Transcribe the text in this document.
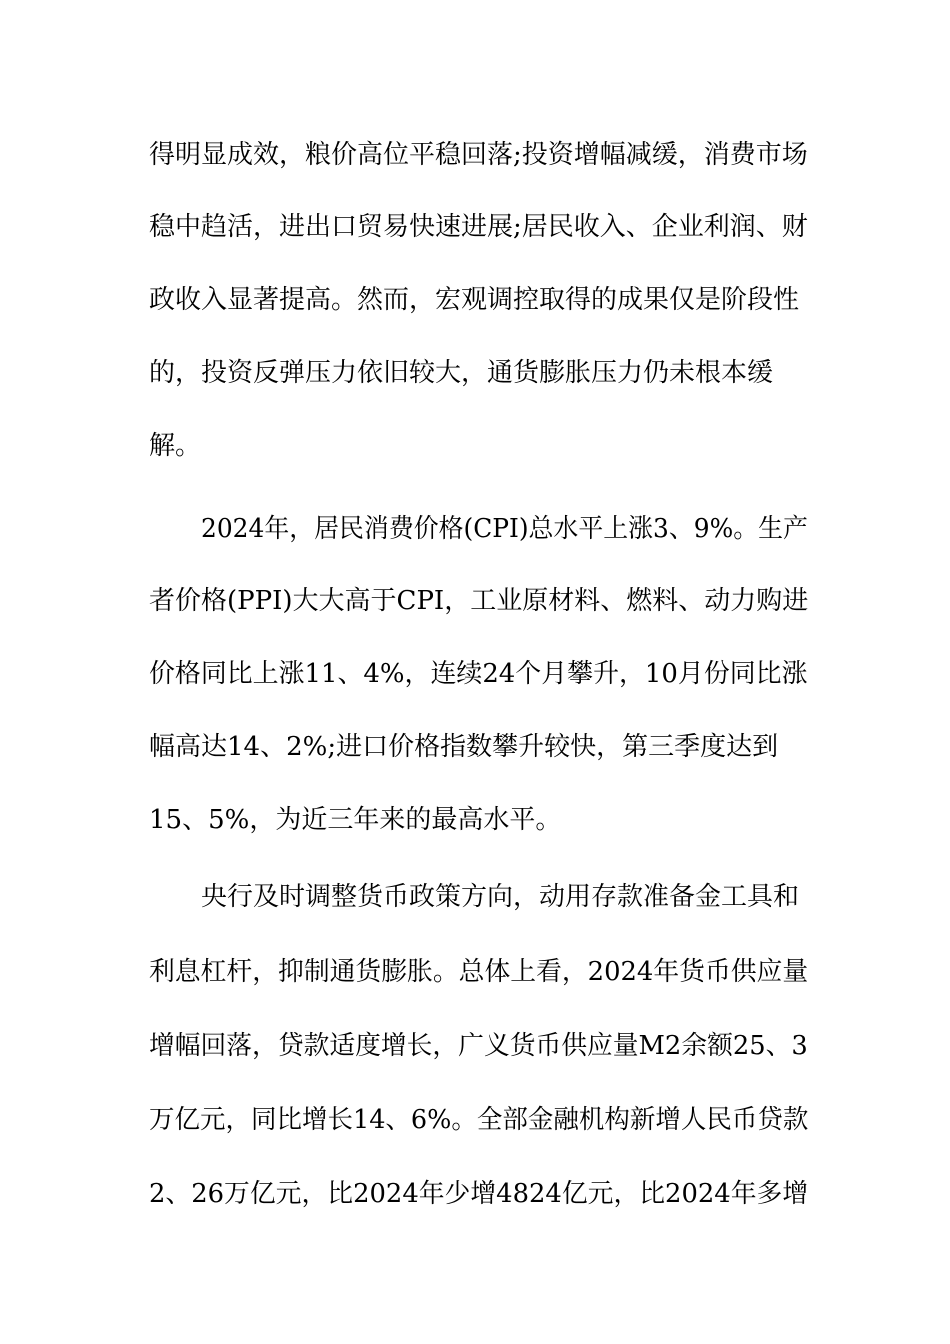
得明显成效，粮价高位平稳回落;投资增幅减缓，消费市场
稳中趋活，进出口贸易快速进展;居民收入、企业利润、财
政收入显著提高。然而，宏观调控取得的成果仅是阶段性
的，投资反弹压力依旧较大，通货膨胀压力仍未根本缓
解。
2024年，居民消费价格(CPI)总水平上涨3、9%。生产
者价格(PPI)大大高于CPI，工业原材料、燃料、动力购进
价格同比上涨11、4%，连续24个月攀升，10月份同比涨
幅高达14、2%;进口价格指数攀升较快，第三季度达到
15、5%，为近三年来的最高水平。
央行及时调整货币政策方向，动用存款准备金工具和
利息杠杆，抑制通货膨胀。总体上看，2024年货币供应量
增幅回落，贷款适度增长，广义货币供应量M2余额25、3
万亿元，同比增长14、6%。全部金融机构新增人民币贷款
2、26万亿元，比2024年少增4824亿元，比2024年多增
